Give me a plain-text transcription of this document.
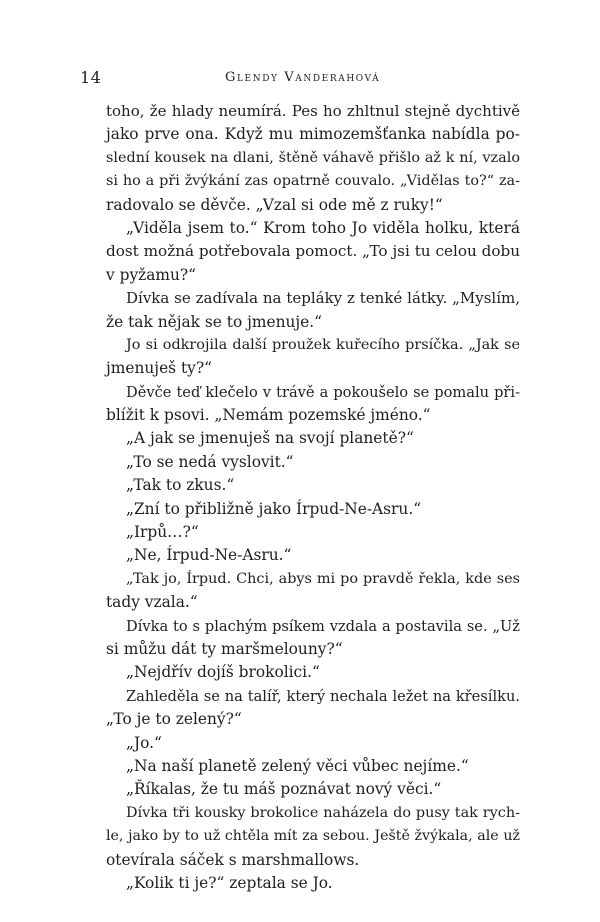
14	Glendy Vanderahová
toho, že hlady neumírá. Pes ho zhltnul stejně dychtivě
jako prve ona. Když mu mimozemšťanka nabídla po-
slední kousek na dlani, štěně váhavě přišlo až k ní, vzalo
si ho a při žvýkání zas opatrně couvalo. „Vidělas to?“ za-
radovalo se děvče. „Vzal si ode mě z ruky!“
„Viděla jsem to.“ Krom toho Jo viděla holku, která
dost možná potřebovala pomoct. „To jsi tu celou dobu
v pyžamu?“
Dívka se zadívala na tepláky z tenké látky. „Myslím,
že tak nějak se to jmenuje.“
Jo si odkrojila další proužek kuřecího prsíčka. „Jak se
jmenuješ ty?“
Děvče teď klečelo v trávě a pokoušelo se pomalu při-
blížit k psovi. „Nemám pozemské jméno.“
„A jak se jmenuješ na svojí planetě?“
„To se nedá vyslovit.“
„Tak to zkus.“
„Zní to přibližně jako Írpud-Ne-Asru.“
„Irpů…?“
„Ne, Írpud-Ne-Asru.“
„Tak jo, Írpud. Chci, abys mi po pravdě řekla, kde ses
tady vzala.“
Dívka to s plachým psíkem vzdala a postavila se. „Už
si můžu dát ty maršmelouny?“
„Nejdřív dojíš brokolici.“
Zahleděla se na talíř, který nechala ležet na křesílku.
„To je to zelený?“
„Jo.“
„Na naší planetě zelený věci vůbec nejíme.“
„Říkalas, že tu máš poznávat nový věci.“
Dívka tři kousky brokolice naházela do pusy tak rych-
le, jako by to už chtěla mít za sebou. Ještě žvýkala, ale už
otevírala sáček s marshmallows.
„Kolik ti je?“ zeptala se Jo.
